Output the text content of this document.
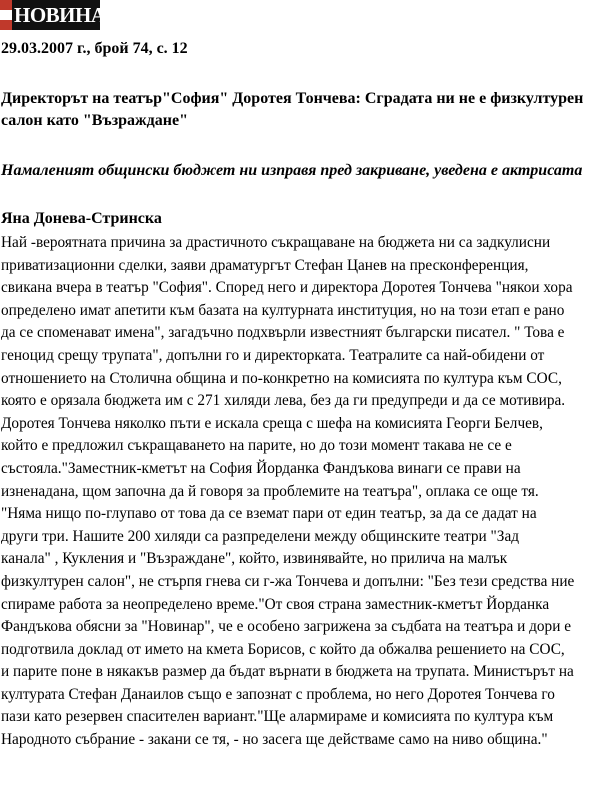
НОВИНАР
29.03.2007 г., брой 74, с. 12
Директорът на театър"София" Доротея Тончева: Сградата ни не е физкултурен салон като "Възраждане"
Намаленият общински бюджет ни изправя пред закриване, уведена е актрисата
Яна Донева-Стринска
Най -вероятната причина за драстичното съкращаване на бюджета ни са задкулисни
приватизационни сделки, заяви драматургът Стефан Цанев на пресконференция,
свикана вчера в театър "София". Според него и директора Доротея Тончева "някои хора
определено имат апетити към базата на културната институция, но на този етап е рано
да се споменават имена", загадъчно подхвърли известният български писател. " Това е
геноцид срещу трупата", допълни го и директорката. Театралите са най-обидени от
отношението на Столична община и по-конкретно на комисията по култура към СОС,
която е орязала бюджета им с 271 хиляди лева, без да ги предупреди и да се мотивира.
Доротея Тончева няколко пъти е искала среща с шефа на комисията Георги Белчев,
който е предложил съкращаването на парите, но до този момент такава не се е
състояла."Заместник-кметът на София Йорданка Фандъкова винаги се прави на
изненадана, щом започна да й говоря за проблемите на театъра", оплака се още тя.
"Няма нищо по-глупаво от това да се вземат пари от един театър, за да се дадат на
други три. Нашите 200 хиляди са разпределени между общинските театри "Зад
канала" , Кукления и "Възраждане", който, извинявайте, но прилича на малък
физкултурен салон", не стърпя гнева си г-жа Тончева и допълни: "Без тези средства ние
спираме работа за неопределено време."От своя страна заместник-кметът Йорданка
Фандъкова обясни за "Новинар", че е особено загрижена за съдбата на театъра и дори е
подготвила доклад от името на кмета Борисов, с който да обжалва решението на СОС,
и парите поне в някакъв размер да бъдат върнати в бюджета на трупата. Министърът на
културата Стефан Данаилов също е запознат с проблема, но него Доротея Тончева го
пази като резервен спасителен вариант."Ще алармираме и комисията по култура към
Народното събрание - закани се тя, - но засега ще действаме само на ниво община."
